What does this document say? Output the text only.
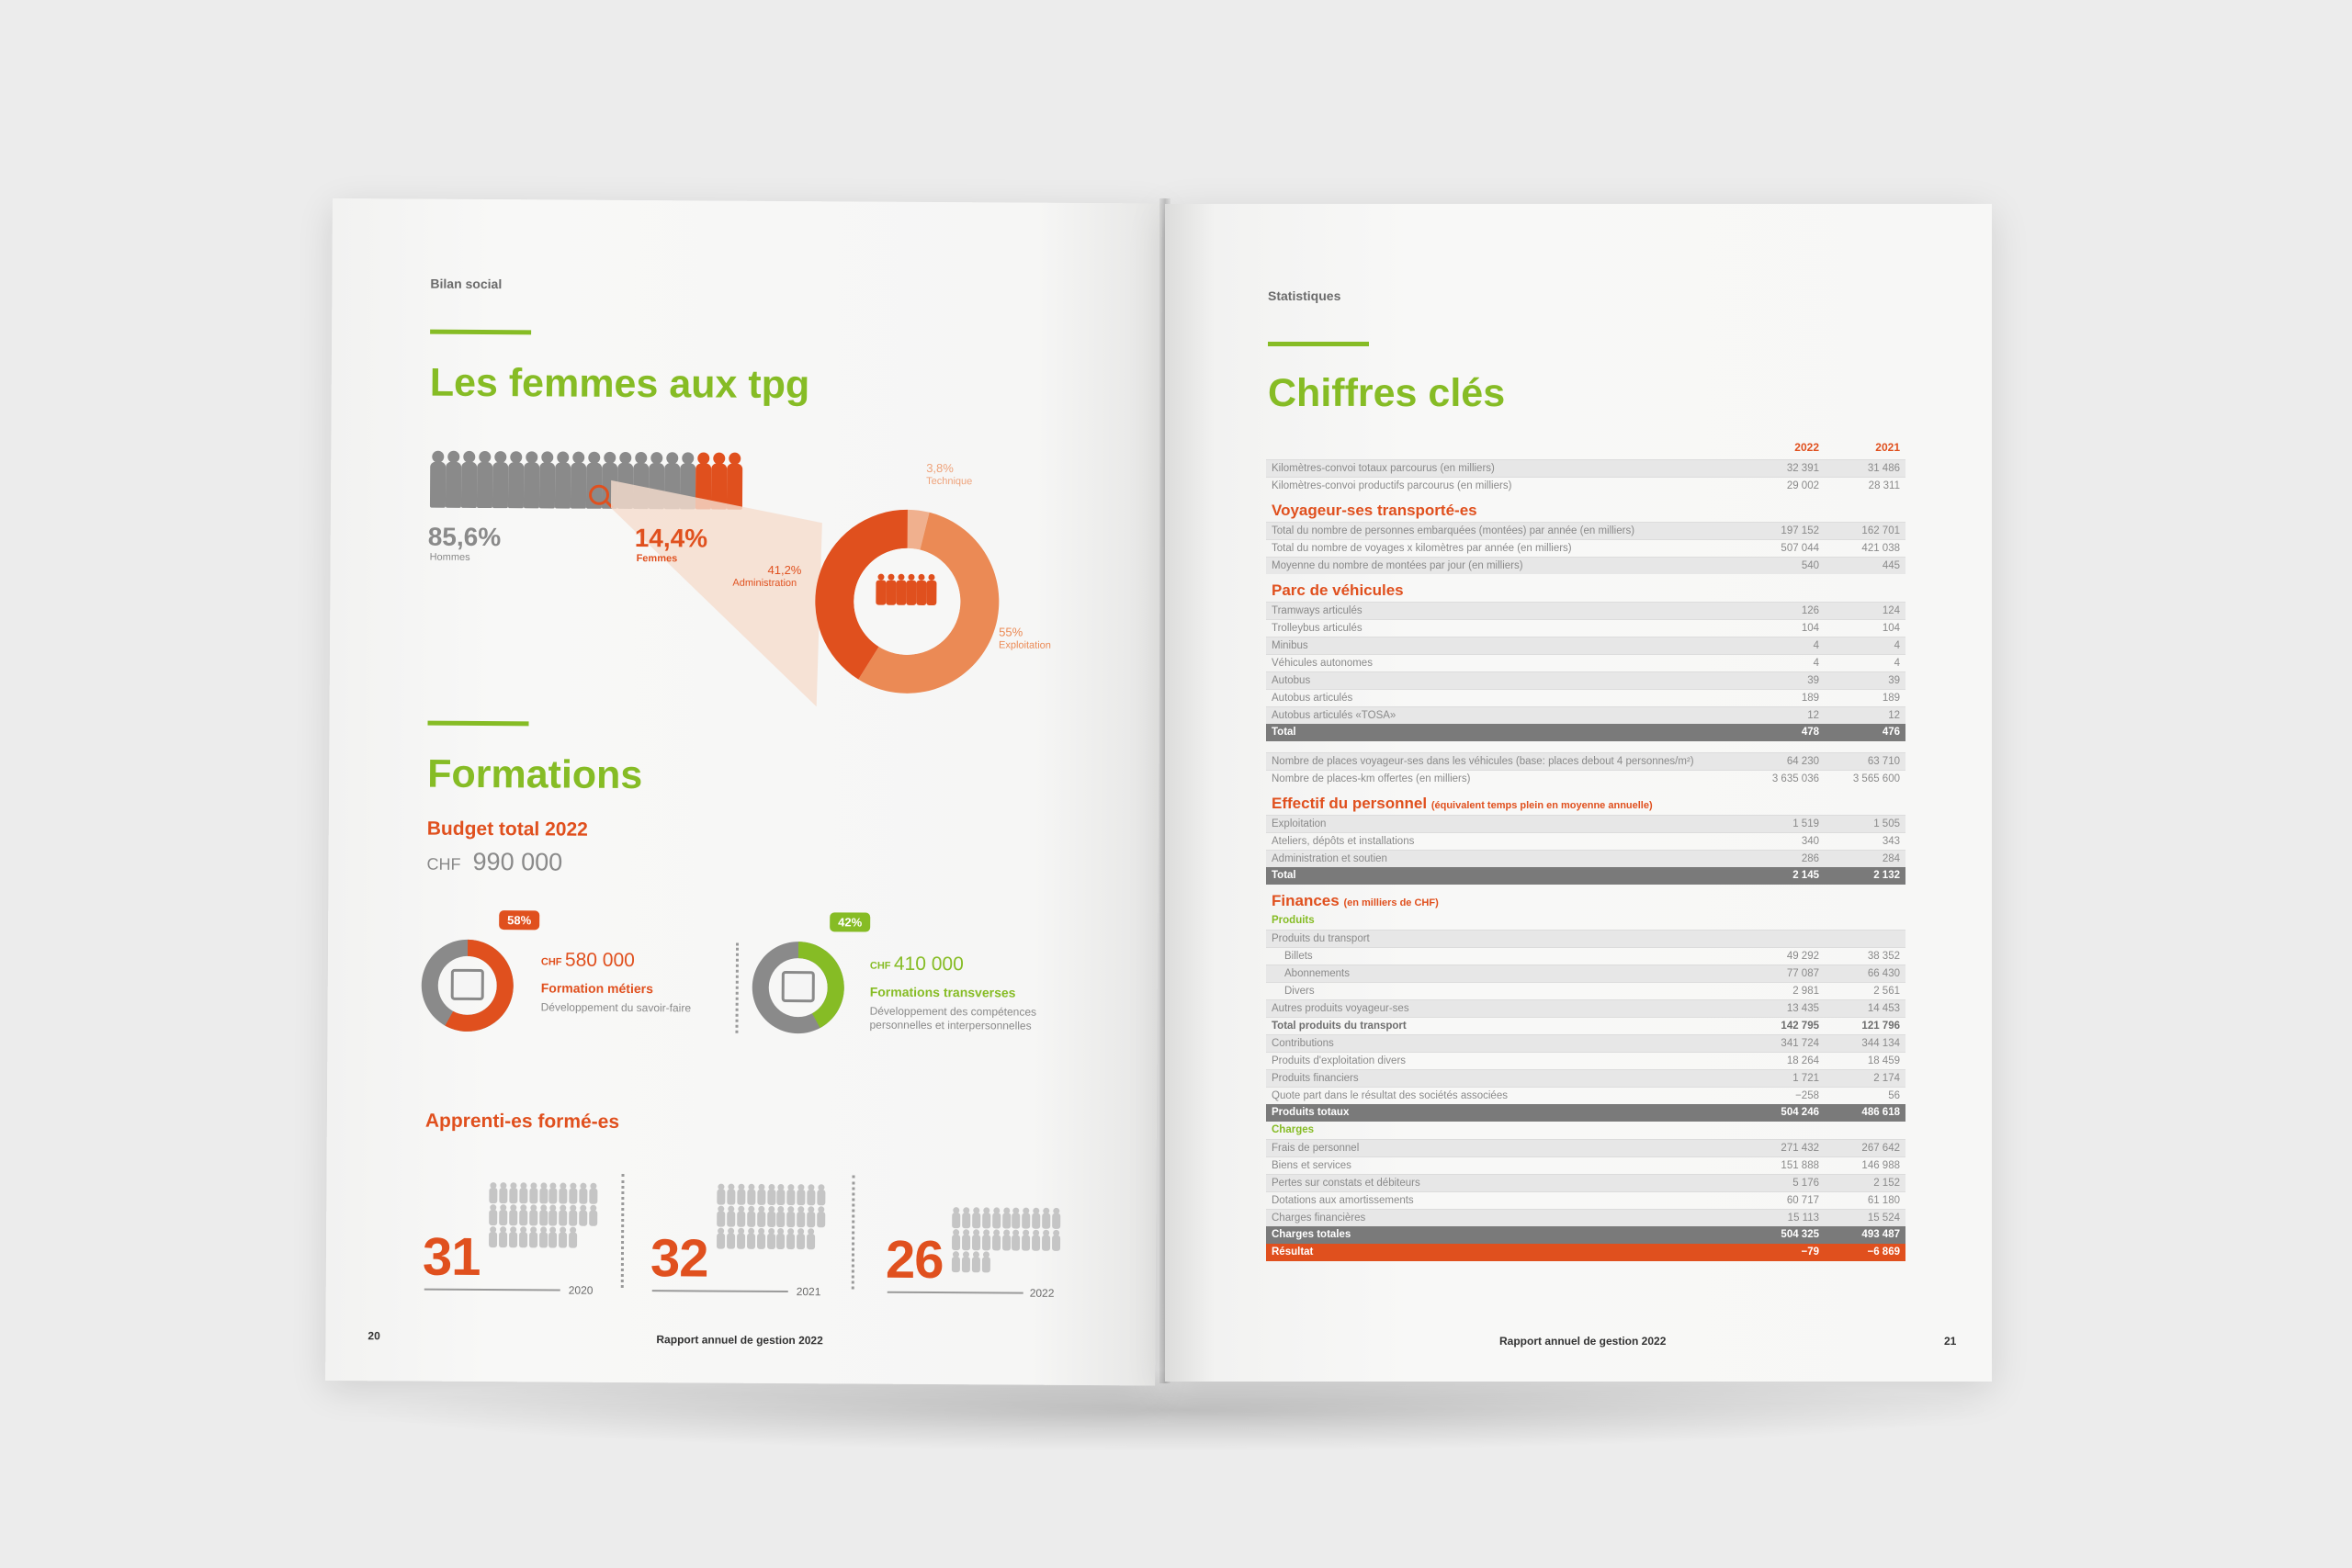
Bilan social
Les femmes aux tpg
85,6%
Hommes
14,4%
Femmes
3,8%
Technique
41,2%
Administration
55%
Exploitation
Formations
Budget total 2022
CHF 990 000
58%
CHF 580 000
Formation métiers
Développement du savoir-faire
42%
CHF 410 000
Formations transverses
Développement des compétences
personnelles et interpersonnelles
Apprenti-es formé-es
31
2020
32
2021
26
2022
20	Rapport annuel de gestion 2022
Statistiques
Chiffres clés
2022	2021
Kilomètres-convoi totaux parcourus (en milliers)	32 391	31 486
Kilomètres-convoi productifs parcourus (en milliers)	29 002	28 311
Voyageur-ses transporté-es
Total du nombre de personnes embarquées (montées) par année (en milliers)	197 152	162 701
Total du nombre de voyages x kilomètres par année (en milliers)	507 044	421 038
Moyenne du nombre de montées par jour (en milliers)	540	445
Parc de véhicules
Tramways articulés	126	124
Trolleybus articulés	104	104
Minibus	4	4
Véhicules autonomes	4	4
Autobus	39	39
Autobus articulés	189	189
Autobus articulés «TOSA»	12	12
Total	478	476
Nombre de places voyageur-ses dans les véhicules (base: places debout 4 personnes/m²)	64 230	63 710
Nombre de places-km offertes (en milliers)	3 635 036	3 565 600
Effectif du personnel (équivalent temps plein en moyenne annuelle)
Exploitation	1 519	1 505
Ateliers, dépôts et installations	340	343
Administration et soutien	286	284
Total	2 145	2 132
Finances (en milliers de CHF)
Produits
Produits du transport
Billets	49 292	38 352
Abonnements	77 087	66 430
Divers	2 981	2 561
Autres produits voyageur-ses	13 435	14 453
Total produits du transport	142 795	121 796
Contributions	341 724	344 134
Produits d'exploitation divers	18 264	18 459
Produits financiers	1 721	2 174
Quote part dans le résultat des sociétés associées	−258	56
Produits totaux	504 246	486 618
Charges
Frais de personnel	271 432	267 642
Biens et services	151 888	146 988
Pertes sur constats et débiteurs	5 176	2 152
Dotations aux amortissements	60 717	61 180
Charges financières	15 113	15 524
Charges totales	504 325	493 487
Résultat	−79	−6 869
Rapport annuel de gestion 2022	21
